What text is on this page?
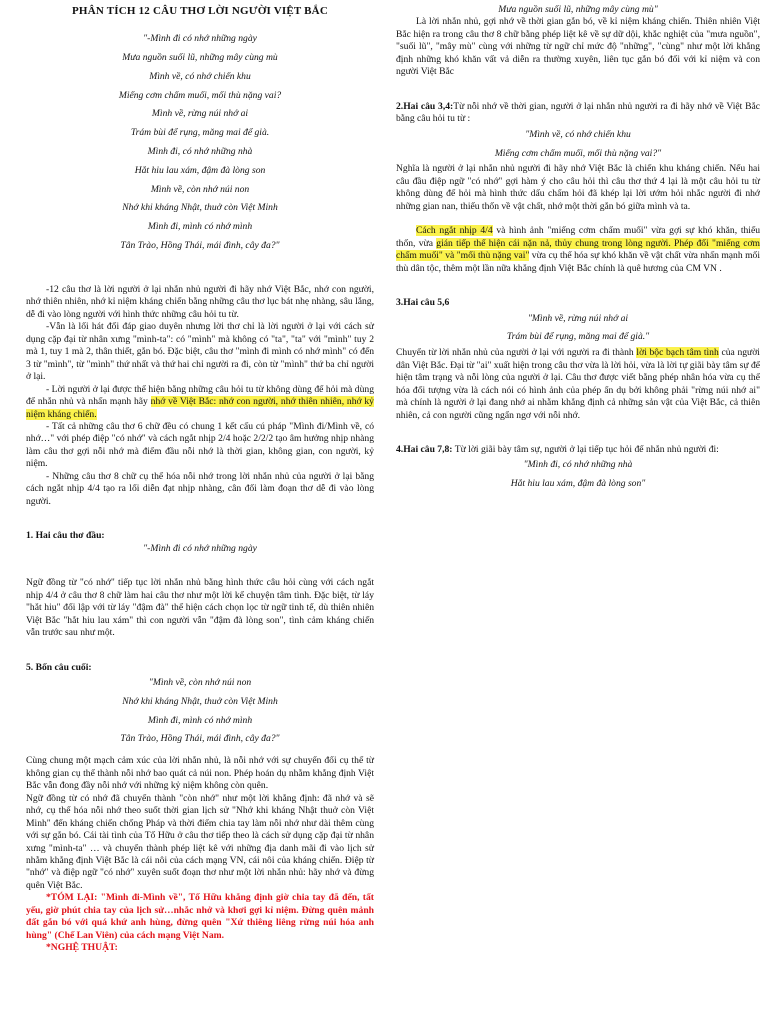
PHÂN TÍCH 12 CÂU THƠ LỜI NGƯỜI VIỆT BẮC

"-Mình đi có nhớ những ngày
Mưa nguồn suối lũ, những mây cùng mù
Mình về, có nhớ chiến khu
Miếng cơm chấm muối, mối thù nặng vai?
Mình về, rừng núi nhớ ai
Trám bùi để rụng, măng mai để già.
Mình đi, có nhớ những nhà
Hắt hiu lau xám, đậm đà lòng son
Mình về, còn nhớ núi non
Nhớ khi kháng Nhật, thuở còn Việt Minh
Mình đi, mình có nhớ mình
Tân Trào, Hồng Thái, mái đình, cây đa?"

-12 câu thơ là lời người ở lại nhắn nhủ người đi hãy nhớ Việt Bắc, nhớ con người, nhớ thiên nhiên, nhớ kỉ niệm kháng chiến bằng những câu thơ lục bát nhẹ nhàng, sâu lắng, dễ đi vào lòng người với hình thức những câu hỏi tu từ.

-Vẫn là lối hát đối đáp giao duyên nhưng lời thơ chỉ là lời người ở lại với cách sử dụng cặp đại từ nhân xưng "mình-ta": có "mình" mà không có "ta", "ta" với "mình" tuy 2 mà 1, tuy 1 mà 2, thân thiết, gắn bó. Đặc biệt, câu thơ "mình đi mình có nhớ mình" có đến 3 từ "mình", từ "mình" thứ nhất và thứ hai chỉ người ra đi, còn từ "mình" thứ ba chỉ người ở lại.

- Lời người ở lại được thể hiện bằng những câu hỏi tu từ không dùng để hỏi mà dùng để nhắn nhủ và nhấn mạnh hãy nhớ về Việt Bắc: nhớ con người, nhớ thiên nhiên, nhớ kỷ niệm kháng chiến.

- Tất cả những câu thơ 6 chữ đều có chung 1 kết cấu cú pháp "Mình đi/Mình về, có nhớ…" với phép điệp "có nhớ" và cách ngắt nhịp 2/4 hoặc 2/2/2 tạo âm hưởng nhịp nhàng làm câu thơ gợi nỗi nhớ mà điểm đầu nỗi nhớ là thời gian, không gian, con người, kỷ niệm.

- Những câu thơ 8 chữ cụ thể hóa nỗi nhớ trong lời nhắn nhủ của người ở lại bằng cách ngắt nhịp 4/4 tạo ra lối diễn đạt nhịp nhàng, cân đối làm đoạn thơ dễ đi vào lòng người.

1. Hai câu thơ đầu:

"-Mình đi có nhớ những ngày

Ngữ đồng từ "có nhớ" tiếp tục lời nhắn nhủ bằng hình thức câu hỏi cùng với cách ngắt nhịp 4/4 ở câu thơ 8 chữ làm hai câu thơ như một lời kể chuyện tâm tình. Đặc biệt, từ láy "hắt hiu" đối lập với từ láy "đậm đà" thể hiện cách chọn lọc từ ngữ tinh tế, dù thiên nhiên Việt Bắc "hắt hiu lau xám" thì con người vẫn "đậm đà lòng son", tình cảm kháng chiến vẫn trước sau như một.

5. Bốn câu cuối:

"Mình về, còn nhớ núi non
Nhớ khi kháng Nhật, thuở còn Việt Minh
Mình đi, mình có nhớ mình
Tân Trào, Hồng Thái, mái đình, cây đa?"

Cùng chung một mạch cảm xúc của lời nhắn nhủ, là nỗi nhớ với sự chuyển đổi cụ thể từ không gian cụ thể thành nỗi nhớ bao quát cả núi non. Phép hoán dụ nhằm khẳng định Việt Bắc vẫn đong đầy nỗi nhớ với những kỷ niệm không còn quên.

Ngữ đồng từ có nhớ đã chuyển thành "còn nhớ" như một lời khẳng định: đã nhớ và sẽ nhớ, cụ thể hóa nỗi nhớ theo suốt thời gian lịch sử "Nhớ khi kháng Nhật thuở còn Việt Minh" đến kháng chiến chống Pháp và thời điểm chia tay làm nỗi nhớ như dài thêm cùng với sự gắn bó. Cái tài tình của Tố Hữu ở câu thơ tiếp theo là cách sử dụng cặp đại từ nhân xưng "mình-ta" … và chuyển thành phép liệt kê với những địa danh mãi đi vào lịch sử nhằm khẳng định Việt Bắc là cái nôi của cách mạng VN, cái nôi của kháng chiến. Điệp từ "nhớ" và điệp ngữ "có nhớ" xuyên suốt đoạn thơ như một lời nhắn nhủ: hãy nhớ và đừng quên Việt Bắc.

*TÓM LẠI: "Mình đi-Mình về", Tố Hữu khẳng định giờ chia tay đã đến, tất yếu, giờ phút chia tay của lịch sử…nhắc nhở và khơi gợi kỉ niệm. Đừng quên mảnh đất gắn bó với quá khứ anh hùng, đừng quên "Xứ thiêng liêng rừng núi hóa anh hùng" (Chế Lan Viên) của cách mạng Việt Nam.

*NGHỆ THUẬT:

Mưa nguồn suối lũ, những mây cùng mù"

Là lời nhắn nhủ, gợi nhớ về thời gian gắn bó, về kỉ niệm kháng chiến. Thiên nhiên Việt Bắc hiện ra trong câu thơ 8 chữ bằng phép liệt kê về sự dữ dội, khắc nghiệt của "mưa nguồn", "suối lũ", "mây mù" cùng với những từ ngữ chỉ mức độ "những", "cùng" như một lời khẳng định những khó khăn vất vả diễn ra thường xuyên, liên tục gắn bó đối với kỉ niệm và con người Việt Bắc

2.Hai câu 3,4:Từ nỗi nhớ về thời gian, người ở lại nhắn nhủ người ra đi hãy nhớ về Việt Bắc bằng câu hỏi tu từ :

"Mình về, có nhớ chiến khu
Miếng cơm chấm muối, mối thù nặng vai?"

Nghĩa là người ở lại nhắn nhủ người đi hãy nhớ Việt Bắc là chiến khu kháng chiến. Nếu hai câu đầu điệp ngữ "có nhớ" gợi hàm ý cho câu hỏi thì câu thơ thứ 4 lại là một câu hỏi tu từ không dùng để hỏi mà hình thức dấu chấm hỏi đã khép lại lời ướm hỏi nhắc người đi nhớ những gian nan, thiếu thốn về vật chất, nhớ một thời gắn bó giữa mình và ta.

Cách ngắt nhịp 4/4 và hình ảnh "miếng cơm chấm muối" vừa gợi sự khó khăn, thiếu thốn, vừa gián tiếp thể hiện cái nặn nả, thủy chung trong lòng người. Phép đối "miếng cơm chấm muối" và "mối thù nặng vai" vừa cụ thể hóa sự khó khăn về vật chất vừa nhấn mạnh mối thù dân tộc, thêm một lần nữa khẳng định Việt Bắc chính là quê hương của CM VN .

3.Hai câu 5,6

"Mình về, rừng núi nhớ ai
Trám bùi để rụng, măng mai để già."

Chuyển từ lời nhắn nhủ của người ở lại với người ra đi thành lời bộc bạch tâm tình của người dân Việt Bắc. Đại từ "ai" xuất hiện trong câu thơ vừa là lời hỏi, vừa là lời tự giãi bày tâm sự để hiện tâm trạng và nỗi lòng của người ở lại. Câu thơ được viết bằng phép nhân hóa vừa cụ thể hóa đối tượng vừa là cách nói có hình ảnh của phép ẩn dụ bởi không phải "rừng núi nhớ ai" mà chính là người ở lại đang nhớ ai nhằm khẳng định cả những sản vật của Việt Bắc, cả thiên nhiên, cả con người cũng ngẩn ngơ với nỗi nhớ.

4.Hai câu 7,8: Từ lời giãi bày tâm sự, người ở lại tiếp tục hỏi để nhắn nhủ người đi:

"Mình đi, có nhớ những nhà
Hắt hiu lau xám, đậm đà lòng son"
